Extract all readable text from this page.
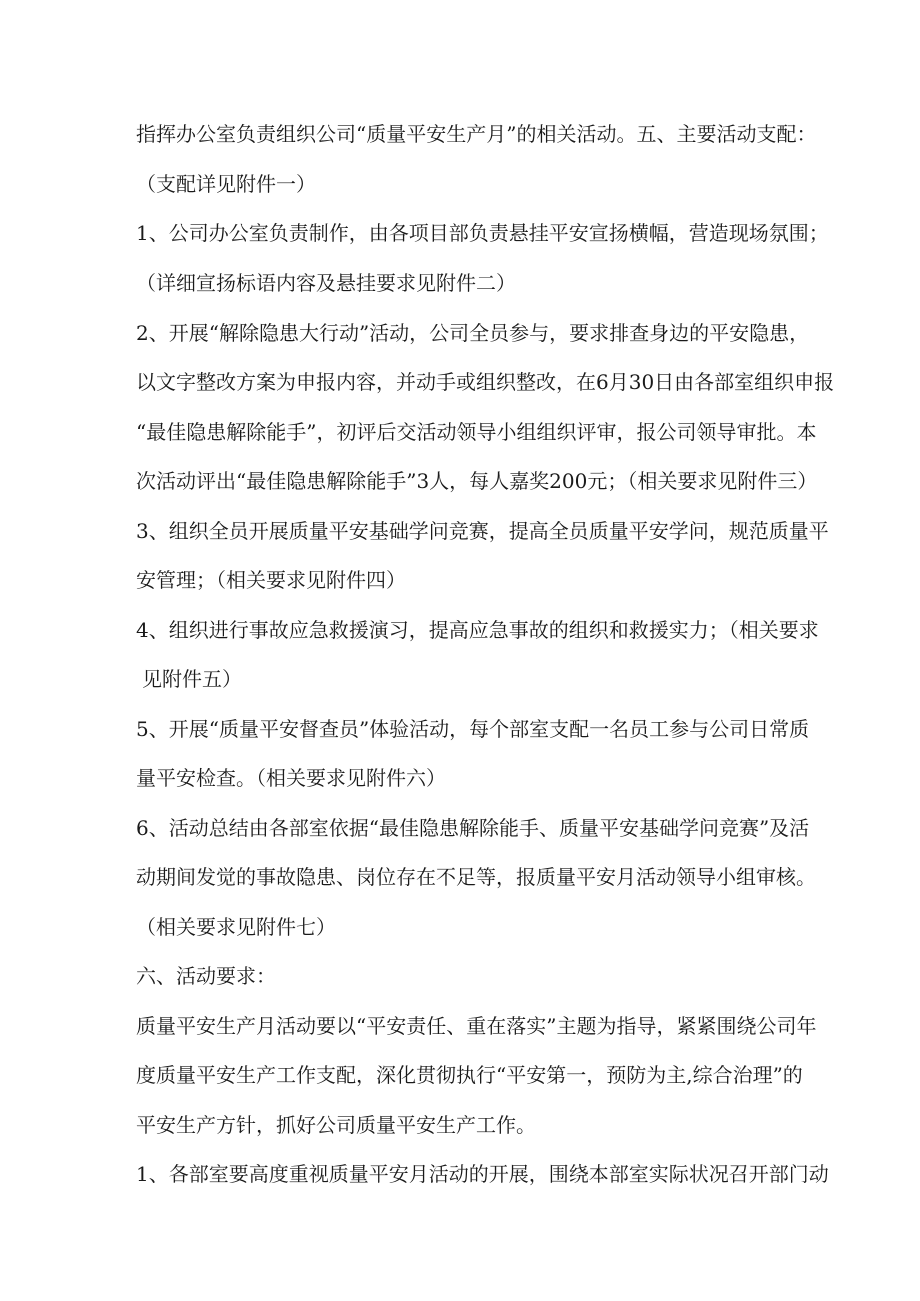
指挥办公室负责组织公司“质量平安生产月”的相关活动。五、主要活动支配：

（支配详见附件一）

1、公司办公室负责制作，由各项目部负责悬挂平安宣扬横幅，营造现场氛围；

（详细宣扬标语内容及悬挂要求见附件二）

2、开展“解除隐患大行动”活动，公司全员参与，要求排查身边的平安隐患，

以文字整改方案为申报内容，并动手或组织整改，在6月30日由各部室组织申报

“最佳隐患解除能手”，初评后交活动领导小组组织评审，报公司领导审批。本

次活动评出“最佳隐患解除能手”3人，每人嘉奖200元；（相关要求见附件三）

3、组织全员开展质量平安基础学问竞赛，提高全员质量平安学问，规范质量平

安管理；（相关要求见附件四）

4、组织进行事故应急救援演习，提高应急事故的组织和救援实力；（相关要求

见附件五）

5、开展“质量平安督查员”体验活动，每个部室支配一名员工参与公司日常质

量平安检查。（相关要求见附件六）

6、活动总结由各部室依据“最佳隐患解除能手、质量平安基础学问竞赛”及活

动期间发觉的事故隐患、岗位存在不足等，报质量平安月活动领导小组审核。

（相关要求见附件七）

六、活动要求：

质量平安生产月活动要以“平安责任、重在落实”主题为指导，紧紧围绕公司年

度质量平安生产工作支配，深化贯彻执行“平安第一，预防为主,综合治理”的

平安生产方针，抓好公司质量平安生产工作。

1、各部室要高度重视质量平安月活动的开展，围绕本部室实际状况召开部门动
